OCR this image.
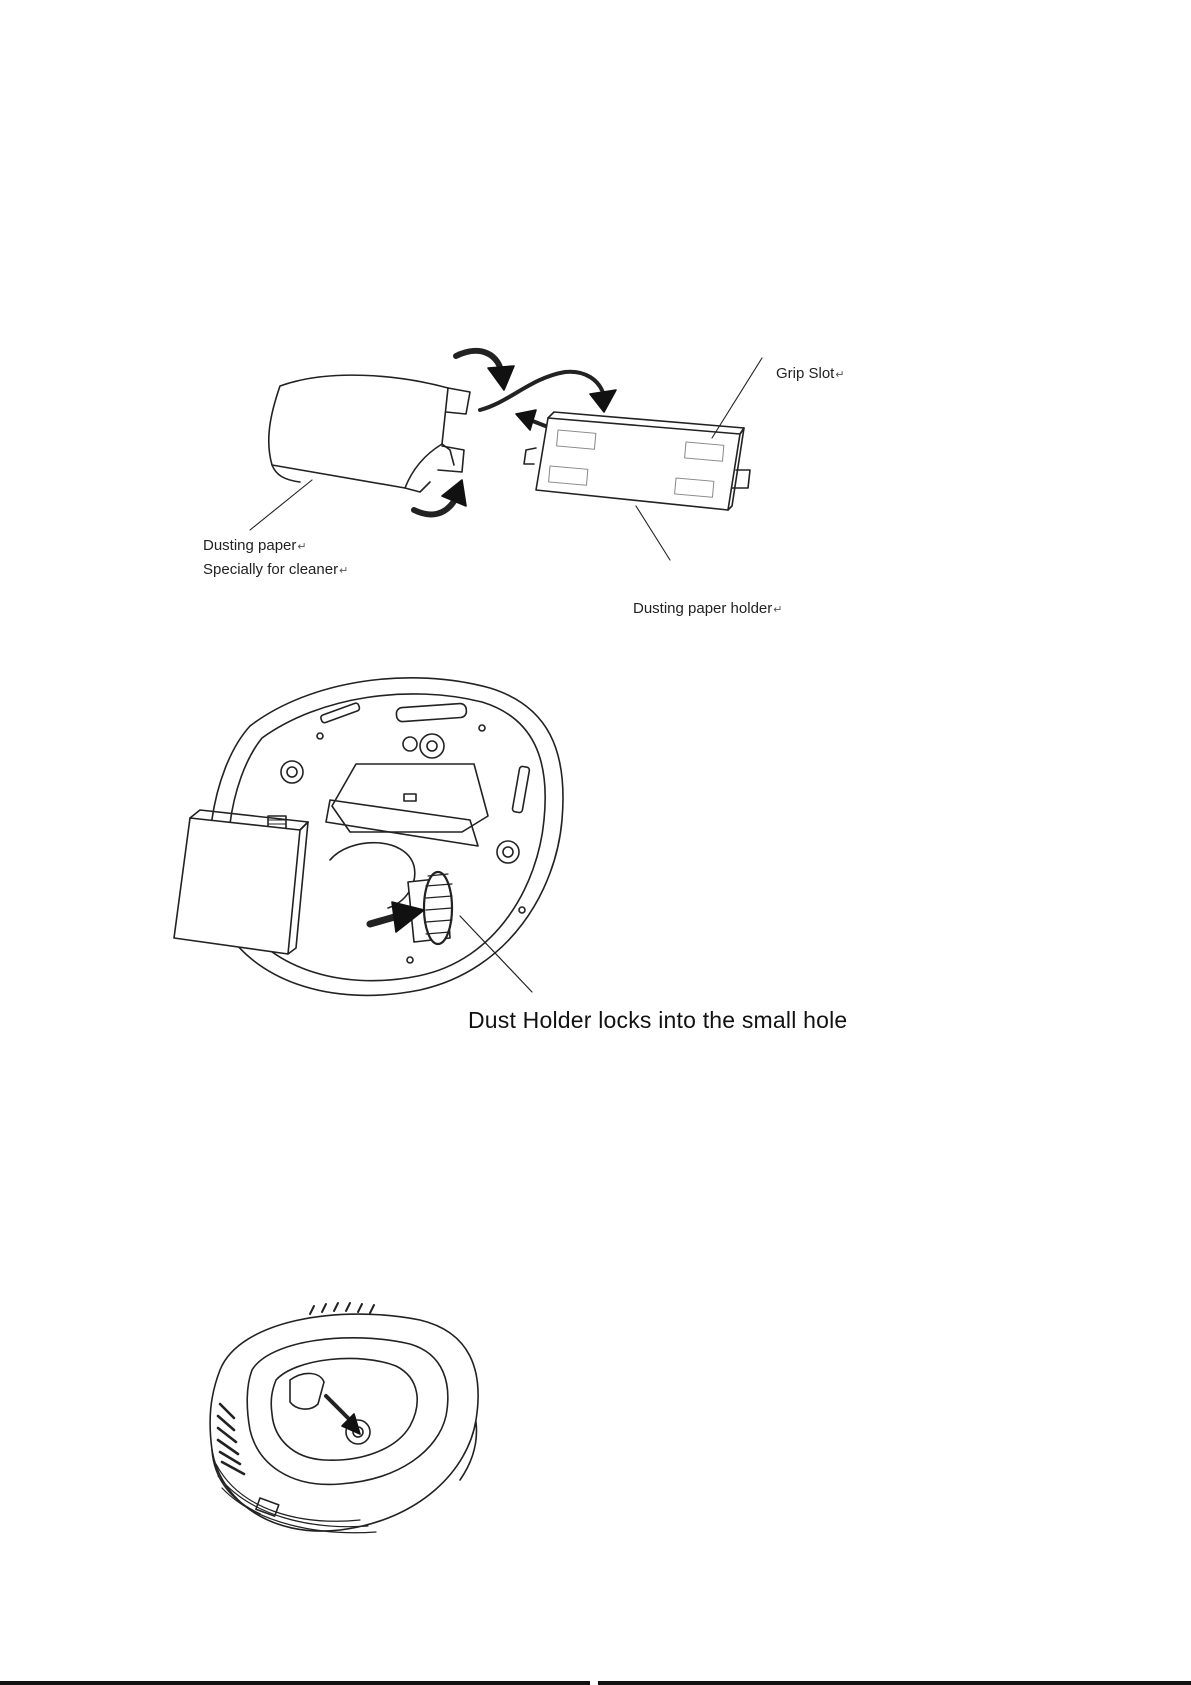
Grip Slot↵
Dusting paper↵
Specially for cleaner↵
Dusting paper holder↵
Dust Holder locks into the small hole
